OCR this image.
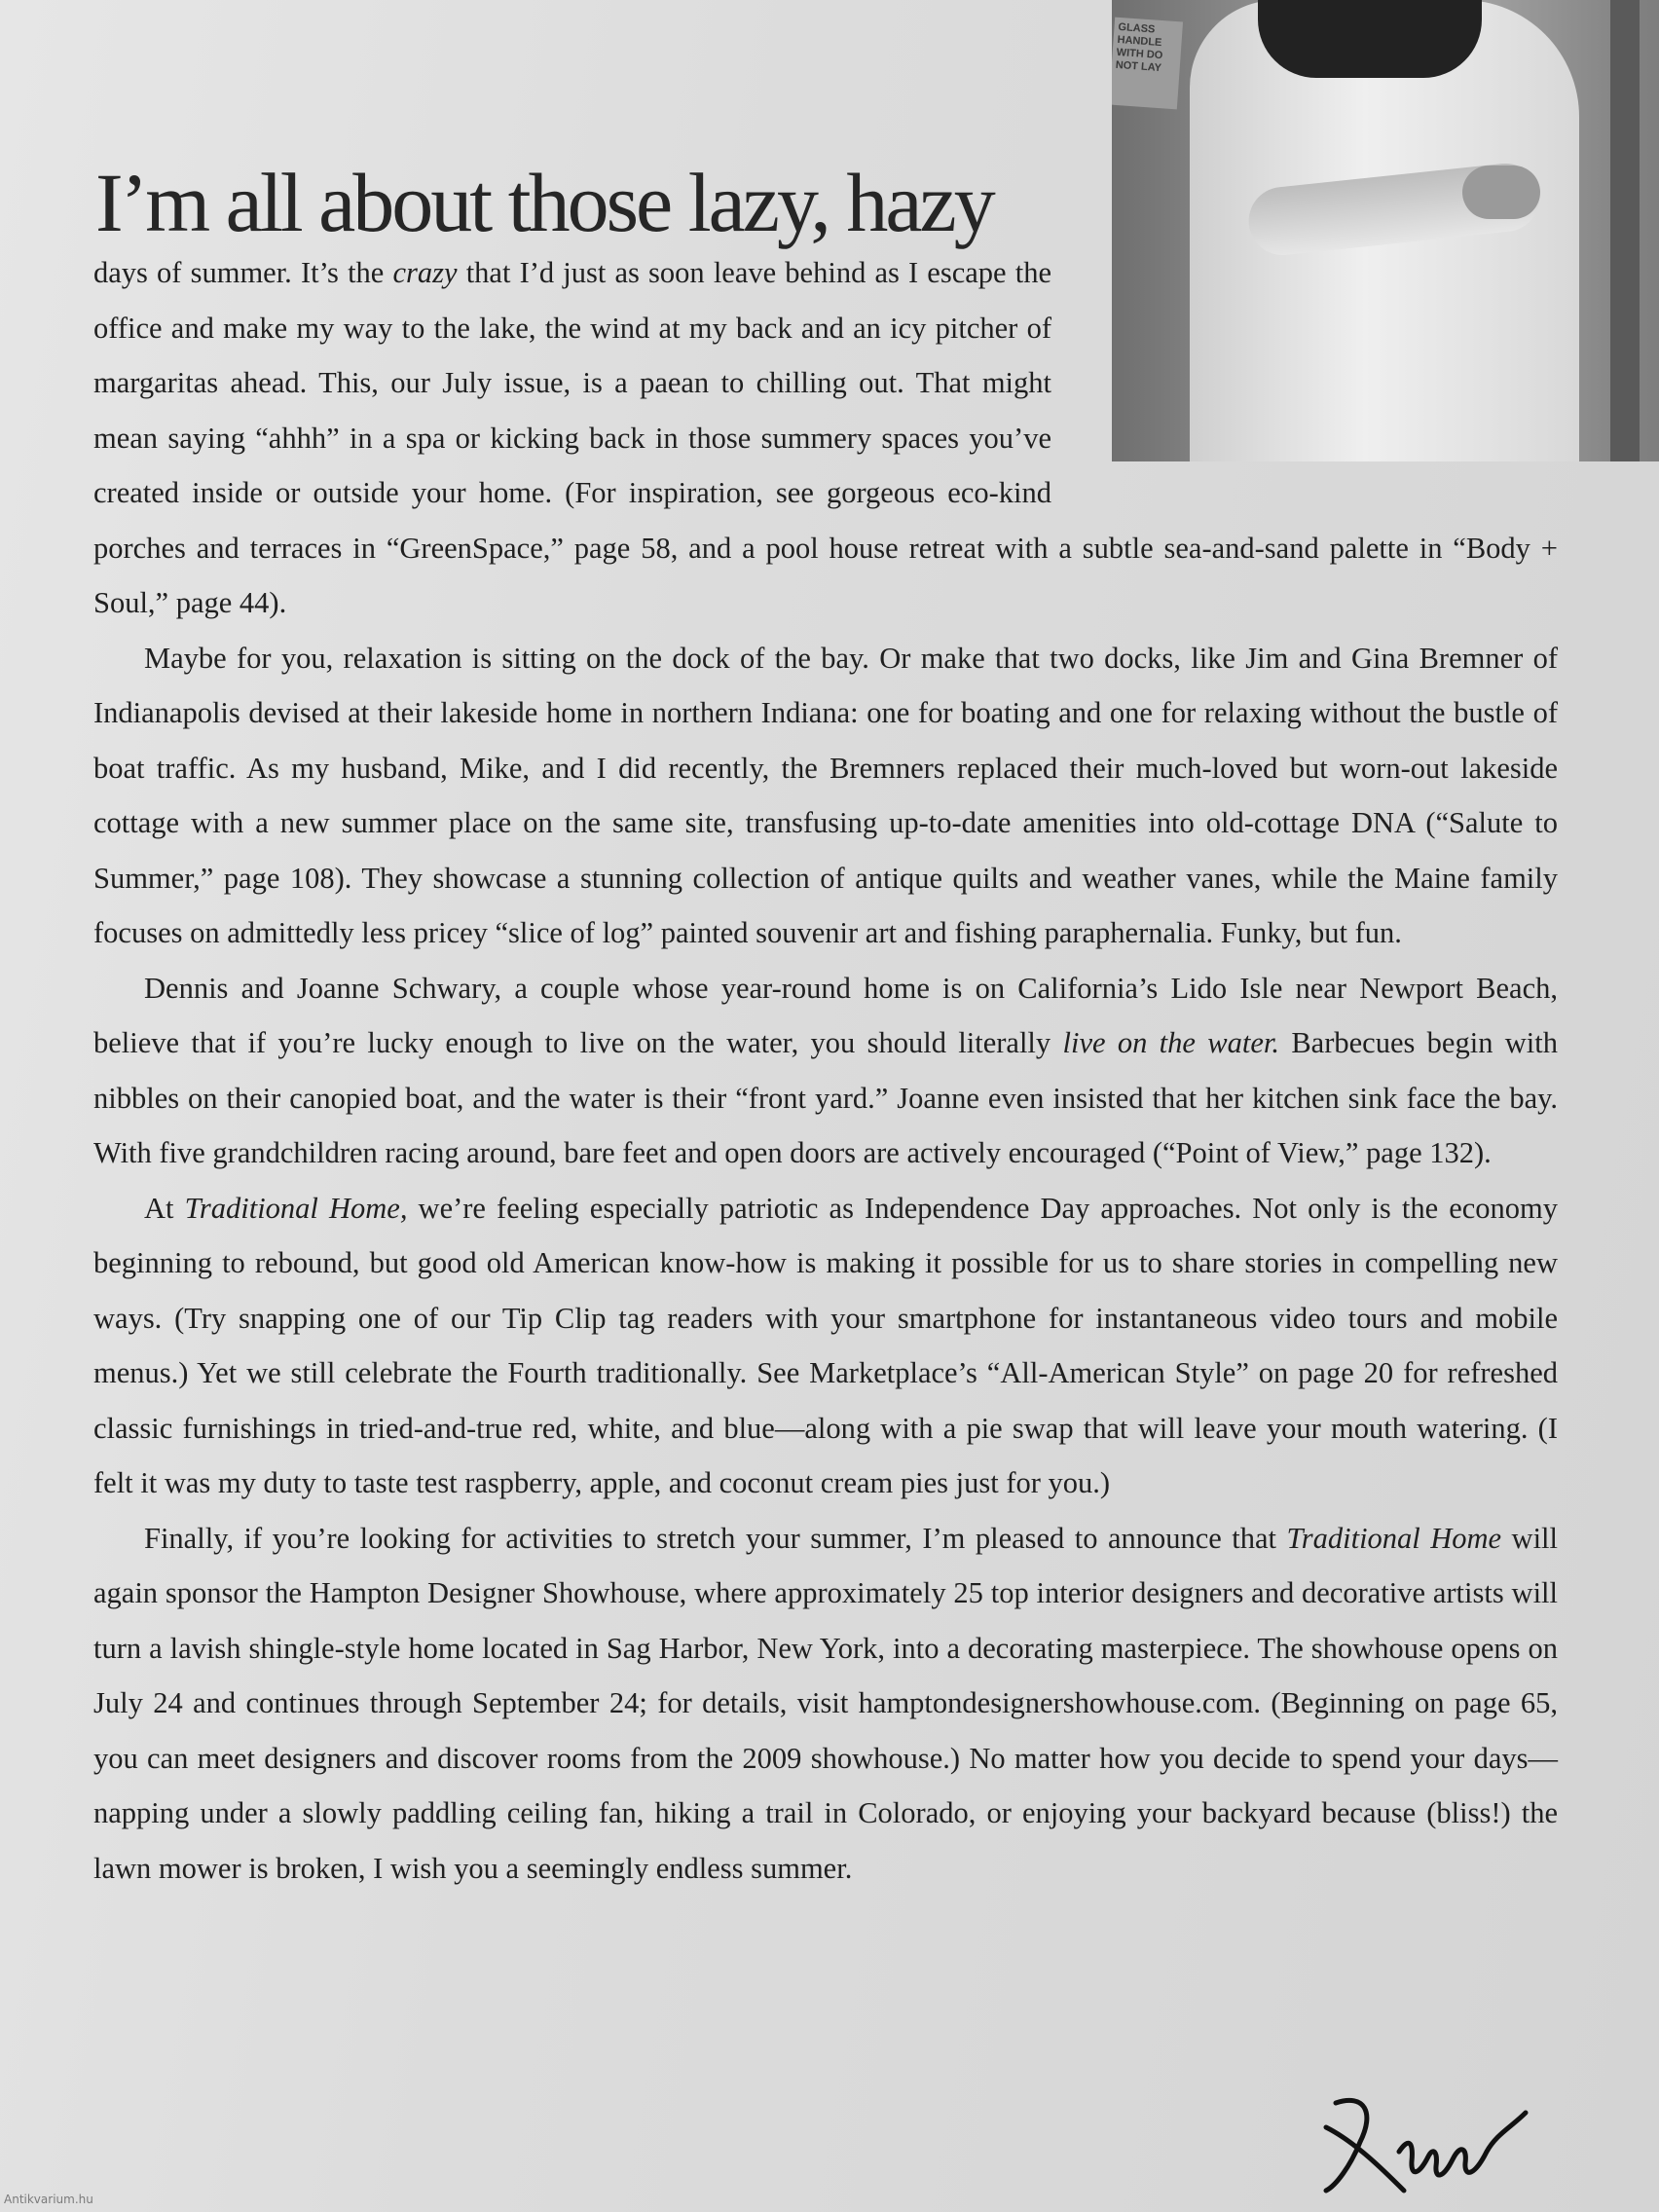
GLASS HANDLE WITH DO NOT LAY
I’m all about those lazy, hazy

days of summer. It’s the crazy that I’d just as soon leave behind as I escape the office and make my way to the lake, the wind at my back and an icy pitcher of margaritas ahead. This, our July issue, is a paean to chilling out. That might mean saying “ahhh” in a spa or kicking back in those summery spaces you’ve created inside or outside your home. (For inspiration, see gorgeous eco-kind porches and terraces in “GreenSpace,” page 58, and a pool house retreat with a subtle sea-and-sand palette in “Body + Soul,” page 44).

Maybe for you, relaxation is sitting on the dock of the bay. Or make that two docks, like Jim and Gina Bremner of Indianapolis devised at their lakeside home in northern Indiana: one for boating and one for relaxing without the bustle of boat traffic. As my husband, Mike, and I did recently, the Bremners replaced their much-loved but worn-out lakeside cottage with a new summer place on the same site, transfusing up-to-date amenities into old-cottage DNA (“Salute to Summer,” page 108). They showcase a stunning collection of antique quilts and weather vanes, while the Maine family focuses on admittedly less pricey “slice of log” painted souvenir art and fishing paraphernalia. Funky, but fun.

Dennis and Joanne Schwary, a couple whose year-round home is on California’s Lido Isle near Newport Beach, believe that if you’re lucky enough to live on the water, you should literally live on the water. Barbecues begin with nibbles on their canopied boat, and the water is their “front yard.” Joanne even insisted that her kitchen sink face the bay. With five grandchildren racing around, bare feet and open doors are actively encouraged (“Point of View,” page 132).

At Traditional Home, we’re feeling especially patriotic as Independence Day approaches. Not only is the economy beginning to rebound, but good old American know-how is making it possible for us to share stories in compelling new ways. (Try snapping one of our Tip Clip tag readers with your smartphone for instantaneous video tours and mobile menus.) Yet we still celebrate the Fourth traditionally. See Marketplace’s “All-American Style” on page 20 for refreshed classic furnishings in tried-and-true red, white, and blue—along with a pie swap that will leave your mouth watering. (I felt it was my duty to taste test raspberry, apple, and coconut cream pies just for you.)

Finally, if you’re looking for activities to stretch your summer, I’m pleased to announce that Traditional Home will again sponsor the Hampton Designer Showhouse, where approximately 25 top interior designers and decorative artists will turn a lavish shingle-style home located in Sag Harbor, New York, into a decorating masterpiece. The showhouse opens on July 24 and continues through September 24; for details, visit hamptondesignershowhouse.com. (Beginning on page 65, you can meet designers and discover rooms from the 2009 showhouse.) No matter how you decide to spend your days—napping under a slowly paddling ceiling fan, hiking a trail in Colorado, or enjoying your backyard because (bliss!) the lawn mower is broken, I wish you a seemingly endless summer.

Antikvarium.hu
